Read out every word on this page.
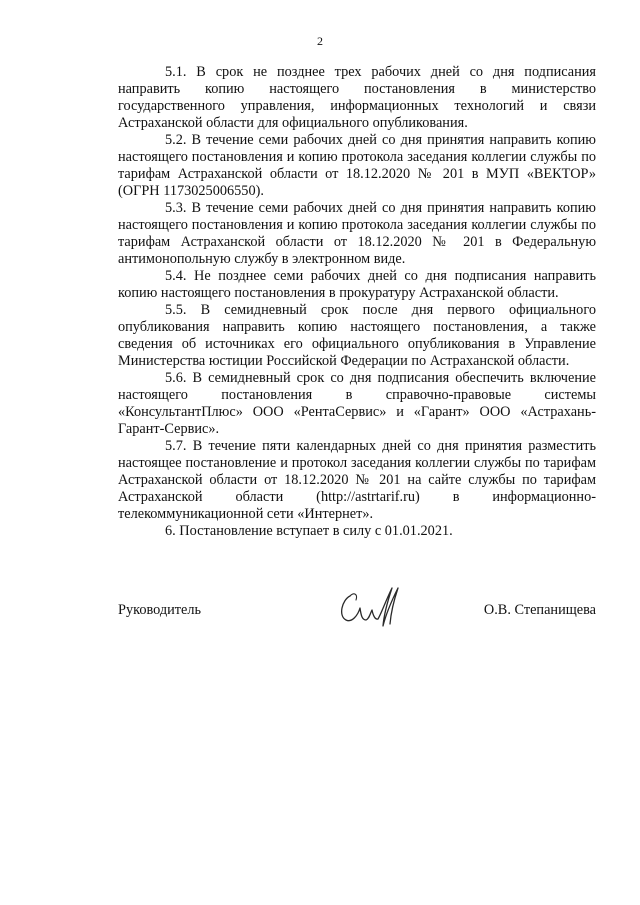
2

5.1. В срок не позднее трех рабочих дней со дня подписания направить копию настоящего постановления в министерство государственного управления, информационных технологий и связи Астраханской области для официального опубликования.

5.2. В течение семи рабочих дней со дня принятия направить копию настоящего постановления и копию протокола заседания коллегии службы по тарифам Астраханской области от 18.12.2020 № 201 в МУП «ВЕКТОР» (ОГРН 1173025006550).

5.3. В течение семи рабочих дней со дня принятия направить копию настоящего постановления и копию протокола заседания коллегии службы по тарифам Астраханской области от 18.12.2020 № 201 в Федеральную антимонопольную службу в электронном виде.

5.4. Не позднее семи рабочих дней со дня подписания направить копию настоящего постановления в прокуратуру Астраханской области.

5.5. В семидневный срок после дня первого официального опубликования направить копию настоящего постановления, а также сведения об источниках его официального опубликования в Управление Министерства юстиции Российской Федерации по Астраханской области.

5.6. В семидневный срок со дня подписания обеспечить включение настоящего постановления в справочно-правовые системы «КонсультантПлюс» ООО «РентаСервис» и «Гарант» ООО «Астрахань-Гарант-Сервис».

5.7. В течение пяти календарных дней со дня принятия разместить настоящее постановление и протокол заседания коллегии службы по тарифам Астраханской области от 18.12.2020 № 201 на сайте службы по тарифам Астраханской области (http://astrtarif.ru) в информационно-телекоммуникационной сети «Интернет».

6. Постановление вступает в силу с 01.01.2021.

Руководитель	О.В. Степанищева
